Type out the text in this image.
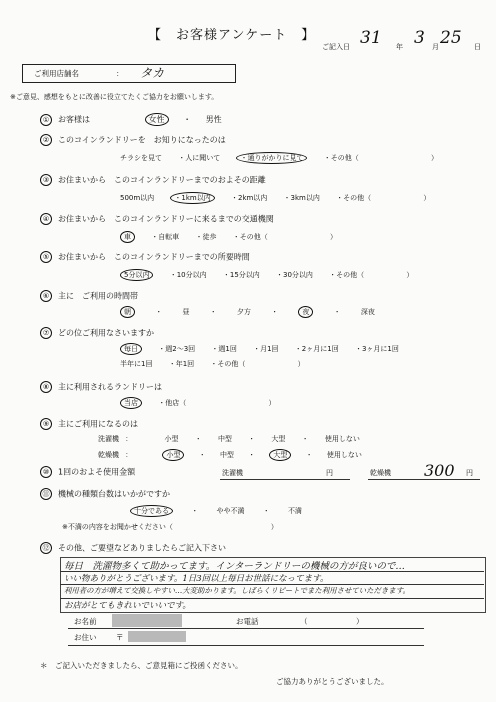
【　お客様アンケート　】
ご記入日 31 年 3 月 25 日
ご利用店舗名	： タカ
※ご意見、感想をもとに改善に役立てたくご協力をお願いします。
① お客様は	女性 ・ 男性
② このコインランドリーを　お知りになったのは
チラシを見て ・人に聞いて	・通りがかりに見て	・その他（	）
③ お住まいから　このコインランドリーまでのおよその距離
500m以内	・1km以内	・2km以内 ・3km以内 ・その他（	）
④ お住まいから　このコインランドリーに来るまでの交通機関
車	・自転車 ・徒歩 ・その他（	）
⑤ お住まいから　このコインランドリーまでの所要時間
5分以内	・10分以内 ・15分以内 ・30分以内 ・その他（	）
⑥ 主に　ご利用の時間帯
朝	・	昼	・	夕方	・	夜	・	深夜
⑦ どの位ご利用なさいますか
毎日	・週2～3回 ・週1回 ・月1回 ・2ヶ月に1回 ・3ヶ月に1回
半年に1回 ・年1回 ・その他（	）
⑧ 主に利用されるランドリーは
当店	・他店（	）
⑨ 主にご利用になるのは
洗濯機 ：	小型 ・ 中型 ・ 大型 ・ 使用しない
乾燥機 ：	小型	・ 中型 ・	大型	・ 使用しない
⑩ 1回のおよそ使用金額	洗濯機	円	乾燥機 300 円
⑪ 機械の種類台数はいかがですか
十分である	・	やや不満	・	不満
※不満の内容をお聞かせください（　　　　　　　　　　　　　　）
⑫ その他、ご要望などありましたらご記入下さい
毎日　洗濯物多くて助かってます。インターランドリーの機械の方が良いので…
いい物ありがとうございます。1日3回以上毎日お世話になってます。
利用者の方が増えて交換しやすい…大変助かります。しばらくリピートでまた利用させていただきます。
お店がとてもきれいでいいです。
お名前	お電話	（	）
お住い	〒
＊　ご記入いただきましたら、ご意見箱にご投函ください。
ご協力ありがとうございました。
